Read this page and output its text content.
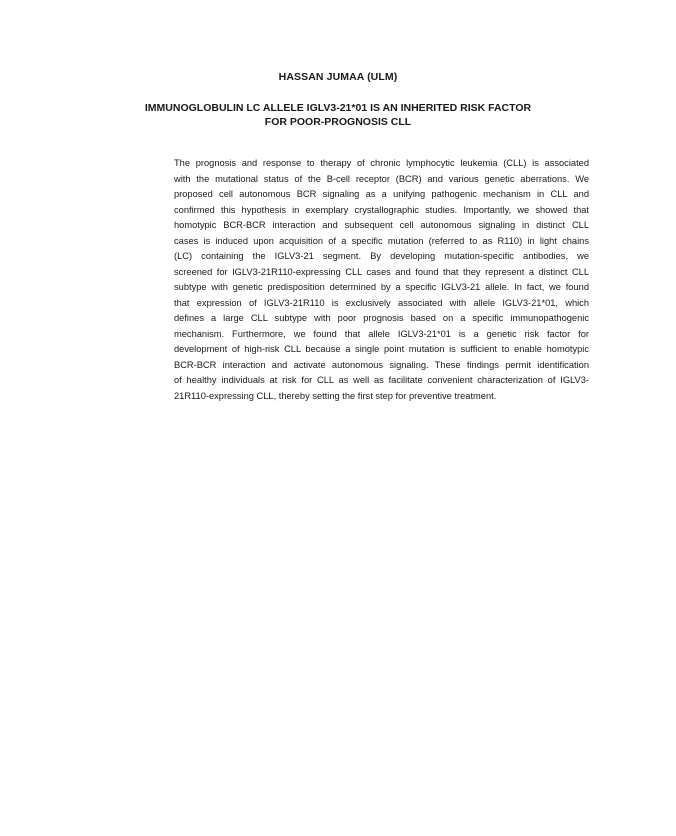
HASSAN JUMAA (ULM)
IMMUNOGLOBULIN LC ALLELE IGLV3-21*01 IS AN INHERITED RISK FACTOR
FOR POOR-PROGNOSIS CLL
The prognosis and response to therapy of chronic lymphocytic leukemia (CLL) is associated
with the mutational status of the B-cell receptor (BCR) and various genetic aberrations. We
proposed cell autonomous BCR signaling as a unifying pathogenic mechanism in CLL and
confirmed this hypothesis in exemplary crystallographic studies. Importantly, we showed that
homotypic BCR-BCR interaction and subsequent cell autonomous signaling in distinct CLL
cases is induced upon acquisition of a specific mutation (referred to as R110) in light chains
(LC) containing the IGLV3-21 segment. By developing mutation-specific antibodies, we
screened for IGLV3-21R110-expressing CLL cases and found that they represent a distinct CLL
subtype with genetic predisposition determined by a specific IGLV3-21 allele. In fact, we found
that expression of IGLV3-21R110 is exclusively associated with allele IGLV3-21*01, which
defines a large CLL subtype with poor prognosis based on a specific immunopathogenic
mechanism. Furthermore, we found that allele IGLV3-21*01 is a genetic risk factor for
development of high-risk CLL because a single point mutation is sufficient to enable homotypic
BCR-BCR interaction and activate autonomous signaling. These findings permit identification
of healthy individuals at risk for CLL as well as facilitate convenient characterization of IGLV3-
21R110-expressing CLL, thereby setting the first step for preventive treatment.
